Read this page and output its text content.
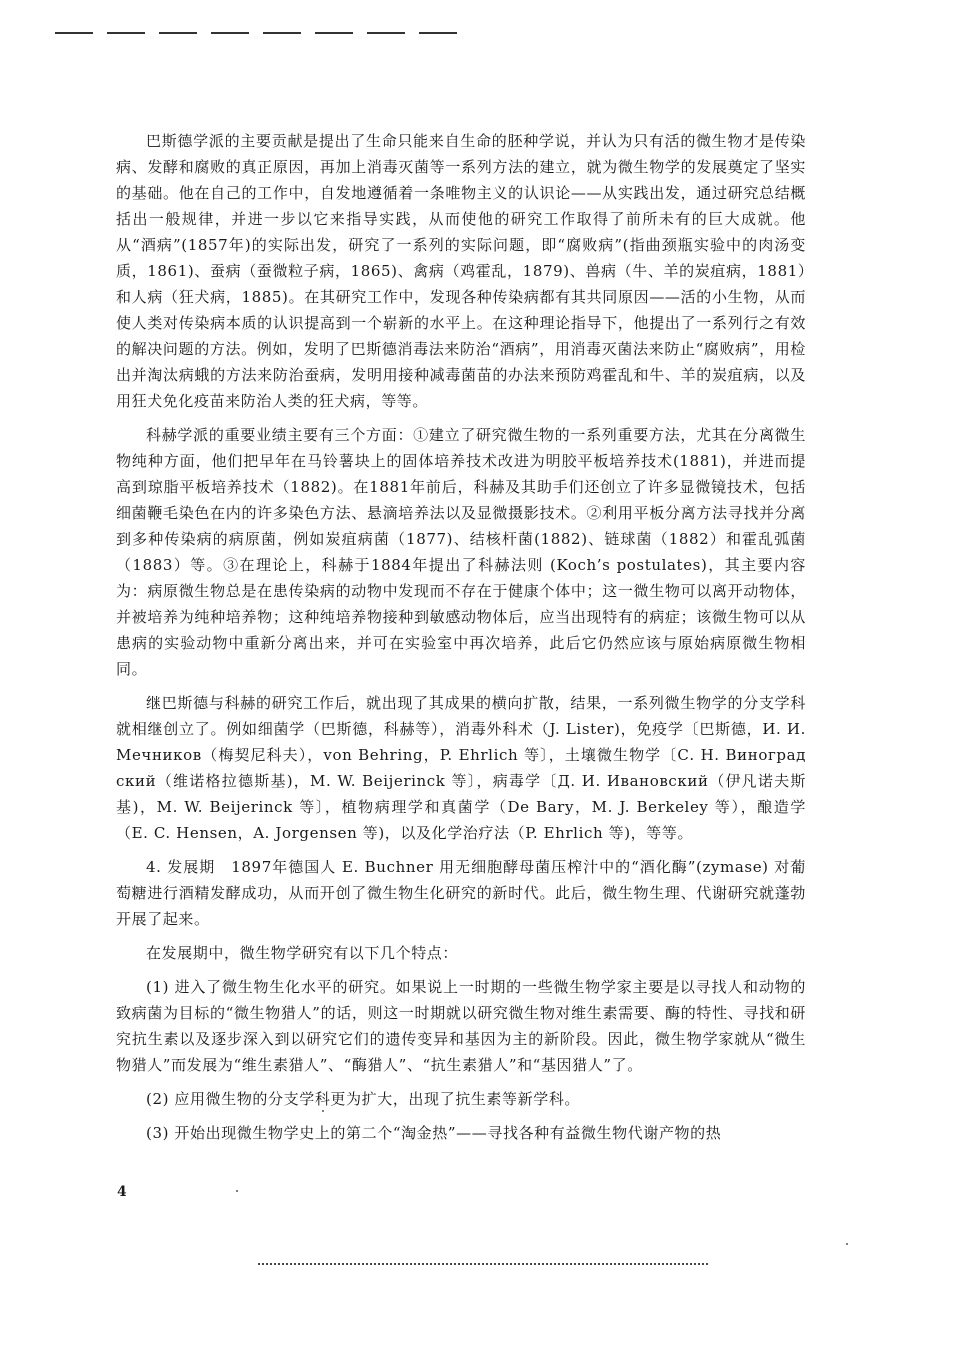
巴斯德学派的主要贡献是提出了生命只能来自生命的胚种学说，并认为只有活的微生物才是传染病、发酵和腐败的真正原因，再加上消毒灭菌等一系列方法的建立，就为微生物学的发展奠定了坚实的基础。他在自己的工作中，自发地遵循着一条唯物主义的认识论——从实践出发，通过研究总结概括出一般规律，并进一步以它来指导实践，从而使他的研究工作取得了前所未有的巨大成就。他从“酒病”(1857年)的实际出发，研究了一系列的实际问题，即“腐败病”(指曲颈瓶实验中的肉汤变质，1861)、蚕病（蚕微粒子病，1865)、禽病（鸡霍乱，1879)、兽病（牛、羊的炭疽病，1881）和人病（狂犬病，1885)。在其研究工作中，发现各种传染病都有其共同原因——活的小生物，从而使人类对传染病本质的认识提高到一个崭新的水平上。在这种理论指导下，他提出了一系列行之有效的解决问题的方法。例如，发明了巴斯德消毒法来防治“酒病”，用消毒灭菌法来防止“腐败病”，用检出并淘汰病蛾的方法来防治蚕病，发明用接种减毒菌苗的办法来预防鸡霍乱和牛、羊的炭疽病，以及用狂犬免化疫苗来防治人类的狂犬病，等等。

科赫学派的重要业绩主要有三个方面：①建立了研究微生物的一系列重要方法，尤其在分离微生物纯种方面，他们把早年在马铃薯块上的固体培养技术改进为明胶平板培养技术(1881)，并进而提高到琼脂平板培养技术（1882)。在1881年前后，科赫及其助手们还创立了许多显微镜技术，包括细菌鞭毛染色在内的许多染色方法、悬滴培养法以及显微摄影技术。②利用平板分离方法寻找并分离到多种传染病的病原菌，例如炭疽病菌（1877)、结核杆菌(1882)、链球菌（1882）和霍乱弧菌（1883）等。③在理论上，科赫于1884年提出了科赫法则 (Koch’s postulates)，其主要内容为：病原微生物总是在患传染病的动物中发现而不存在于健康个体中；这一微生物可以离开动物体，并被培养为纯种培养物；这种纯培养物接种到敏感动物体后，应当出现特有的病症；该微生物可以从患病的实验动物中重新分离出来，并可在实验室中再次培养，此后它仍然应该与原始病原微生物相同。

继巴斯德与科赫的研究工作后，就出现了其成果的横向扩散，结果，一系列微生物学的分支学科就相继创立了。例如细菌学（巴斯德，科赫等），消毒外科术（J. Lister)，免疫学〔巴斯德，И. И. Мечников（梅契尼科夫），von Behring，P. Ehrlich 等〕，土壤微生物学〔С. Н. Виноград ский（维诺格拉德斯基)，M. W. Beijerinck 等〕，病毒学〔Д. И. Ивановский（伊凡诺夫斯基)，M. W. Beijerinck 等〕，植物病理学和真菌学（De Bary，M. J. Berkeley 等），酿造学（E. C. Hensen，A. Jorgensen 等)，以及化学治疗法（P. Ehrlich 等)，等等。

4. 发展期　1897年德国人 E. Buchner 用无细胞酵母菌压榨汁中的“酒化酶”(zymase) 对葡萄糖进行酒精发酵成功，从而开创了微生物生化研究的新时代。此后，微生物生理、代谢研究就蓬勃开展了起来。

在发展期中，微生物学研究有以下几个特点：

(1) 进入了微生物生化水平的研究。如果说上一时期的一些微生物学家主要是以寻找人和动物的致病菌为目标的“微生物猎人”的话，则这一时期就以研究微生物对维生素需要、酶的特性、寻找和研究抗生素以及逐步深入到以研究它们的遗传变异和基因为主的新阶段。因此，微生物学家就从“微生物猎人”而发展为“维生素猎人”、“酶猎人”、“抗生素猎人”和“基因猎人”了。

(2) 应用微生物的分支学科更为扩大，出现了抗生素等新学科。

(3) 开始出现微生物学史上的第二个“淘金热”——寻找各种有益微生物代谢产物的热

4
